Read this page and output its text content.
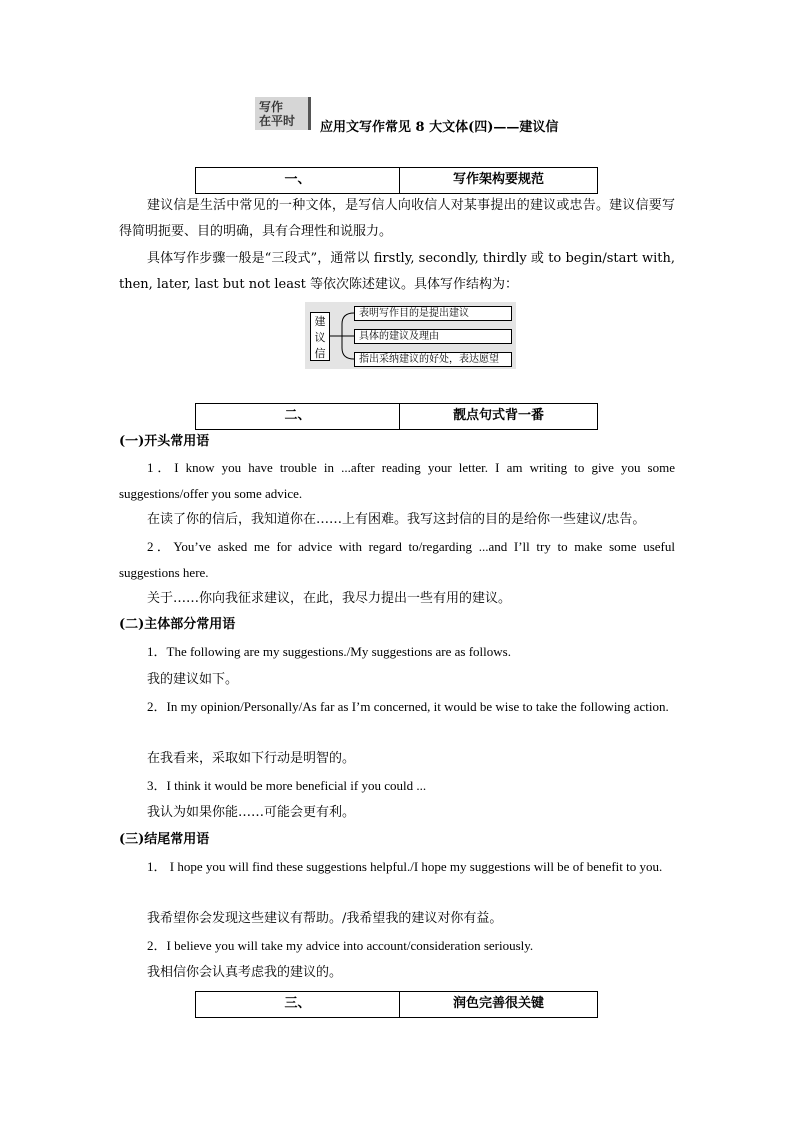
写作
在平时	应用文写作常见 8 大文体(四)——建议信
一、	写作架构要规范
建议信是生活中常见的一种文体，是写信人向收信人对某事提出的建议或忠告。建议信要写得简明扼要、目的明确，具有合理性和说服力。
具体写作步骤一般是“三段式”，通常以 firstly, secondly, thirdly 或 to begin/start with, then, later, last but not least 等依次陈述建议。具体写作结构为：
建
议
信
表明写作目的是提出建议
具体的建议及理由
指出采纳建议的好处，表达愿望
二、	靓点句式背一番
(一)开头常用语
1．I know you have trouble in ...after reading your letter. I am writing to give you some suggestions/offer you some advice.
在读了你的信后，我知道你在……上有困难。我写这封信的目的是给你一些建议/忠告。
2．You’ve asked me for advice with regard to/regarding ...and I’ll try to make some useful suggestions here.
关于……你向我征求建议，在此，我尽力提出一些有用的建议。
(二)主体部分常用语
1．The following are my suggestions./My suggestions are as follows.
我的建议如下。
2．In my opinion/Personally/As far as I’m concerned, it would be wise to take the following action.
在我看来，采取如下行动是明智的。
3．I think it would be more beneficial if you could ...
我认为如果你能……可能会更有利。
(三)结尾常用语
1． I hope you will find these suggestions helpful./I hope my suggestions will be of benefit to you.
我希望你会发现这些建议有帮助。/我希望我的建议对你有益。
2．I believe you will take my advice into account/consideration seriously.
我相信你会认真考虑我的建议的。
三、	润色完善很关键
